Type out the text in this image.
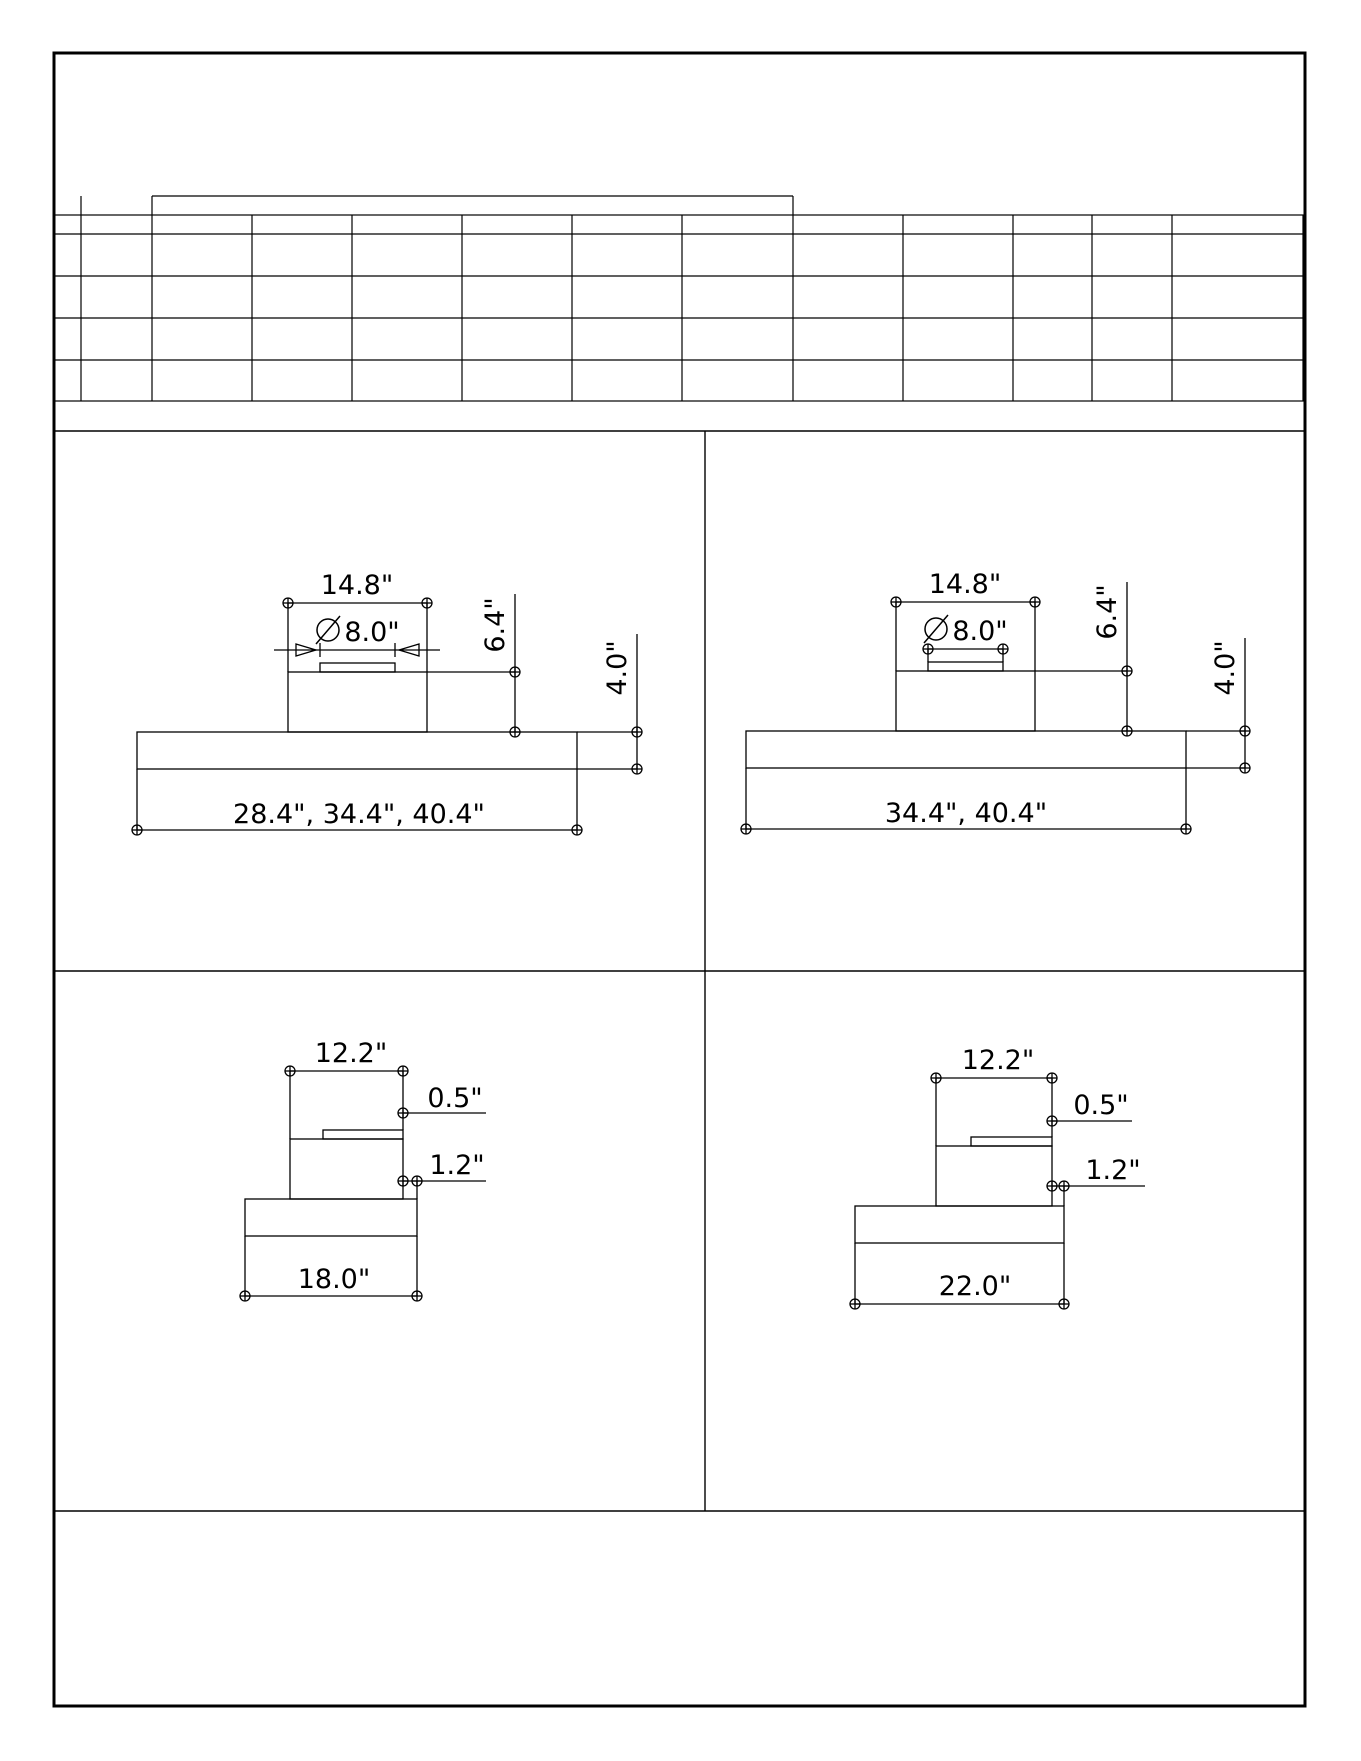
14.8"
8.0"	6.4"
4.0"
28.4", 34.4", 40.4"
14.8"
8.0"	6.4"
4.0"
34.4", 40.4"
12.2"
0.5"
1.2"
18.0"
12.2"
0.5"
1.2"
22.0"
